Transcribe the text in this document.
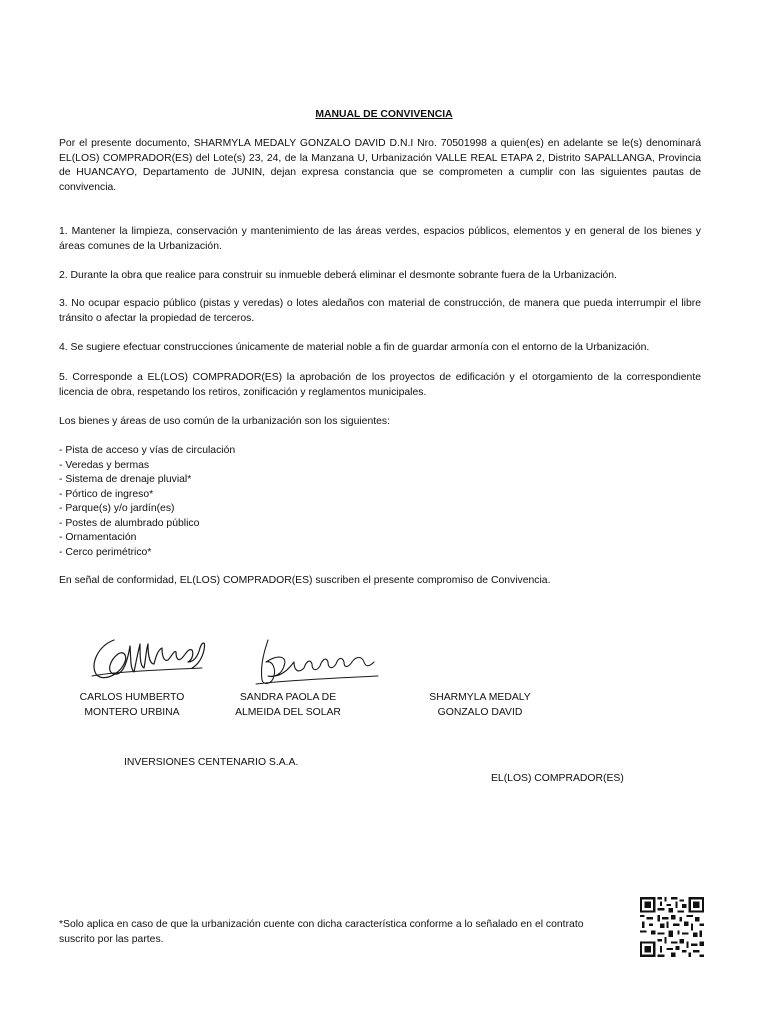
MANUAL DE CONVIVENCIA
Por el presente documento, SHARMYLA MEDALY GONZALO DAVID D.N.I Nro. 70501998 a quien(es) en adelante se le(s) denominará EL(LOS) COMPRADOR(ES) del Lote(s) 23, 24, de la Manzana U, Urbanización VALLE REAL ETAPA 2, Distrito SAPALLANGA, Provincia de HUANCAYO, Departamento de JUNIN, dejan expresa constancia que se comprometen a cumplir con las siguientes pautas de convivencia.
1. Mantener la limpieza, conservación y mantenimiento de las áreas verdes, espacios públicos, elementos y en general de los bienes y áreas comunes de la Urbanización.
2. Durante la obra que realice para construir su inmueble deberá eliminar el desmonte sobrante fuera de la Urbanización.
3. No ocupar espacio público (pistas y veredas) o lotes aledaños con material de construcción, de manera que pueda interrumpir el libre tránsito o afectar la propiedad de terceros.
4. Se sugiere efectuar construcciones únicamente de material noble a fin de guardar armonía con el entorno de la Urbanización.
5. Corresponde a EL(LOS) COMPRADOR(ES) la aprobación de los proyectos de edificación y el otorgamiento de la correspondiente licencia de obra, respetando los retiros, zonificación y reglamentos municipales.
Los bienes y áreas de uso común de la urbanización son los siguientes:
- Pista de acceso y vías de circulación
- Veredas y bermas
- Sistema de drenaje pluvial*
- Pórtico de ingreso*
- Parque(s) y/o jardín(es)
- Postes de alumbrado público
- Ornamentación
- Cerco perimétrico*
En señal de conformidad, EL(LOS) COMPRADOR(ES) suscriben el presente compromiso de Convivencia.
CARLOS HUMBERTO
MONTERO URBINA
SANDRA PAOLA DE
ALMEIDA DEL SOLAR
SHARMYLA MEDALY
GONZALO DAVID
INVERSIONES CENTENARIO S.A.A.
EL(LOS) COMPRADOR(ES)
*Solo aplica en caso de que la urbanización cuente con dicha característica conforme a lo señalado en el contrato suscrito por las partes.
